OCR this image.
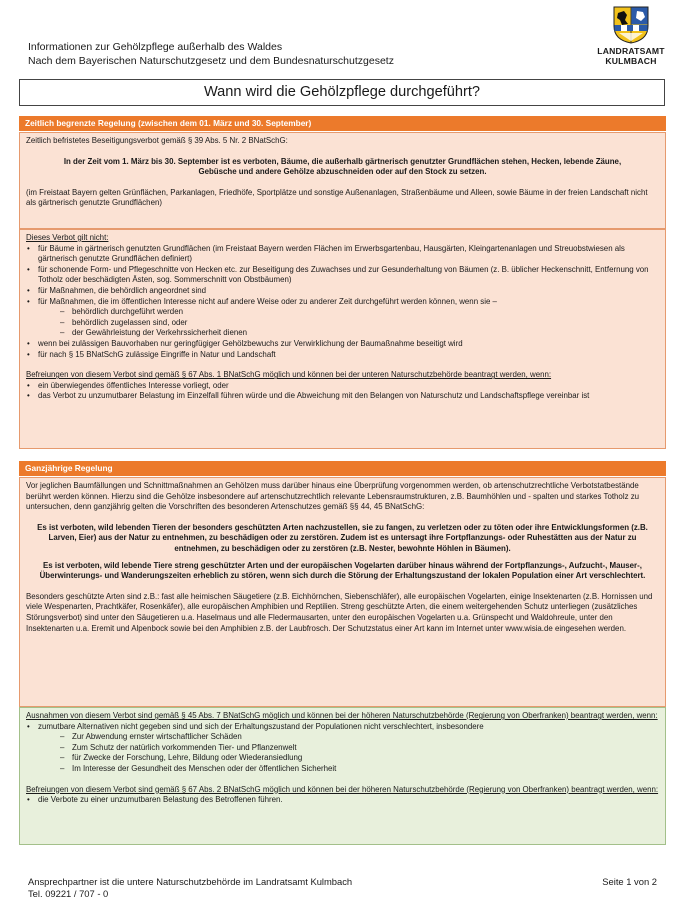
Informationen zur Gehölzpflege außerhalb des Waldes
Nach dem Bayerischen Naturschutzgesetz und dem Bundesnaturschutzgesetz
LANDRATSAMT
KULMBACH
Wann wird die Gehölzpflege durchgeführt?
Zeitlich begrenzte Regelung (zwischen dem 01. März und 30. September)
Zeitlich befristetes Beseitigungsverbot gemäß § 39 Abs. 5 Nr. 2 BNatSchG:
In der Zeit vom 1. März bis 30. September ist es verboten, Bäume, die außerhalb gärtnerisch genutzter Grundflächen stehen, Hecken, lebende Zäune, Gebüsche und andere Gehölze abzuschneiden oder auf den Stock zu setzen.
(im Freistaat Bayern gelten Grünflächen, Parkanlagen, Friedhöfe, Sportplätze und sonstige Außenanlagen, Straßenbäume und Alleen, sowie Bäume in der freien Landschaft nicht als gärtnerisch genutzte Grundflächen)
Dieses Verbot gilt nicht:
• für Bäume in gärtnerisch genutzten Grundflächen (im Freistaat Bayern werden Flächen im Erwerbsgartenbau, Hausgärten, Kleingartenanlagen und Streuobstwiesen als gärtnerisch genutzte Grundflächen definiert)
• für schonende Form- und Pflegeschnitte von Hecken etc. zur Beseitigung des Zuwachses und zur Gesunderhaltung von Bäumen (z. B. üblicher Heckenschnitt, Entfernung von Totholz oder beschädigten Ästen, sog. Sommerschnitt von Obstbäumen)
• für Maßnahmen, die behördlich angeordnet sind
• für Maßnahmen, die im öffentlichen Interesse nicht auf andere Weise oder zu anderer Zeit durchgeführt werden können, wenn sie –
– behördlich durchgeführt werden
– behördlich zugelassen sind, oder
– der Gewährleistung der Verkehrssicherheit dienen
• wenn bei zulässigen Bauvorhaben nur geringfügiger Gehölzbewuchs zur Verwirklichung der Baumaßnahme beseitigt wird
• für nach § 15 BNatSchG zulässige Eingriffe in Natur und Landschaft
Befreiungen von diesem Verbot sind gemäß § 67 Abs. 1 BNatSchG möglich und können bei der unteren Naturschutzbehörde beantragt werden, wenn:
• ein überwiegendes öffentliches Interesse vorliegt, oder
• das Verbot zu unzumutbarer Belastung im Einzelfall führen würde und die Abweichung mit den Belangen von Naturschutz und Landschaftspflege vereinbar ist
Ganzjährige Regelung
Vor jeglichen Baumfällungen und Schnittmaßnahmen an Gehölzen muss darüber hinaus eine Überprüfung vorgenommen werden, ob artenschutzrechtliche Verbotstatbestände berührt werden können. Hierzu sind die Gehölze insbesondere auf artenschutzrechtlich relevante Lebensraumstrukturen, z.B. Baumhöhlen und - spalten und starkes Totholz zu untersuchen, denn ganzjährig gelten die Vorschriften des besonderen Artenschutzes gemäß §§ 44, 45 BNatSchG:
Es ist verboten, wild lebenden Tieren der besonders geschützten Arten nachzustellen, sie zu fangen, zu verletzen oder zu töten oder ihre Entwicklungsformen (z.B. Larven, Eier) aus der Natur zu entnehmen, zu beschädigen oder zu zerstören. Zudem ist es untersagt ihre Fortpflanzungs- oder Ruhestätten aus der Natur zu entnehmen, zu beschädigen oder zu zerstören (z.B. Nester, bewohnte Höhlen in Bäumen).
Es ist verboten, wild lebende Tiere streng geschützter Arten und der europäischen Vogelarten darüber hinaus während der Fortpflanzungs-, Aufzucht-, Mauser-, Überwinterungs- und Wanderungszeiten erheblich zu stören, wenn sich durch die Störung der Erhaltungszustand der lokalen Population einer Art verschlechtert.
Besonders geschützte Arten sind z.B.: fast alle heimischen Säugetiere (z.B. Eichhörnchen, Siebenschläfer), alle europäischen Vogelarten, einige Insektenarten (z.B. Hornissen und viele Wespenarten, Prachtkäfer, Rosenkäfer), alle europäischen Amphibien und Reptilien. Streng geschützte Arten, die einem weitergehenden Schutz unterliegen (zusätzliches Störungsverbot) sind unter den Säugetieren u.a. Haselmaus und alle Fledermausarten, unter den europäischen Vogelarten u.a. Grünspecht und Waldohreule, unter den Insektenarten u.a. Eremit und Alpenbock sowie bei den Amphibien z.B. der Laubfrosch. Der Schutzstatus einer Art kann im Internet unter www.wisia.de eingesehen werden.
Ausnahmen von diesem Verbot sind gemäß § 45 Abs. 7 BNatSchG möglich und können bei der höheren Naturschutzbehörde (Regierung von Oberfranken) beantragt werden, wenn:
• zumutbare Alternativen nicht gegeben sind und sich der Erhaltungszustand der Populationen nicht verschlechtert, insbesondere
– Zur Abwendung ernster wirtschaftlicher Schäden
– Zum Schutz der natürlich vorkommenden Tier- und Pflanzenwelt
– für Zwecke der Forschung, Lehre, Bildung oder Wiederansiedlung
– Im Interesse der Gesundheit des Menschen oder der öffentlichen Sicherheit
Befreiungen von diesem Verbot sind gemäß § 67 Abs. 2 BNatSchG möglich und können bei der höheren Naturschutzbehörde (Regierung von Oberfranken) beantragt werden, wenn:
• die Verbote zu einer unzumutbaren Belastung des Betroffenen führen.
Ansprechpartner ist die untere Naturschutzbehörde im Landratsamt Kulmbach
Tel. 09221 / 707 - 0
Seite 1 von 2
